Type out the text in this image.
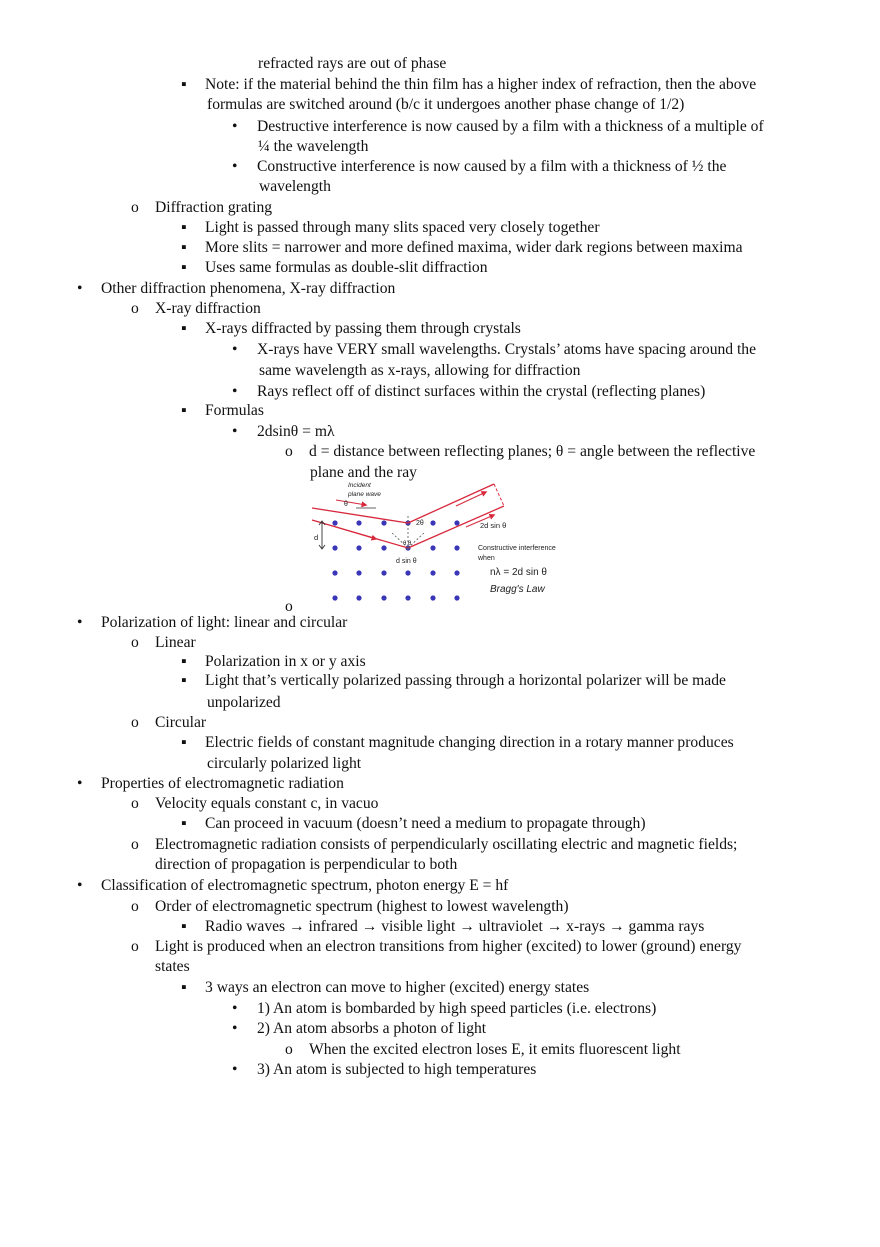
refracted rays are out of phase
▪ Note: if the material behind the thin film has a higher index of refraction, then the above
formulas are switched around (b/c it undergoes another phase change of 1/2)
• Destructive interference is now caused by a film with a thickness of a multiple of
¼ the wavelength
• Constructive interference is now caused by a film with a thickness of ½ the
wavelength
o Diffraction grating
▪ Light is passed through many slits spaced very closely together
▪ More slits = narrower and more defined maxima, wider dark regions between maxima
▪ Uses same formulas as double-slit diffraction
• Other diffraction phenomena, X-ray diffraction
o X-ray diffraction
▪ X-rays diffracted by passing them through crystals
• X-rays have VERY small wavelengths. Crystals’ atoms have spacing around the
same wavelength as x-rays, allowing for diffraction
• Rays reflect off of distinct surfaces within the crystal (reflecting planes)
▪ Formulas
• 2dsinθ = mλ
o d = distance between reflecting planes; θ = angle between the reflective
plane and the ray
Incident
plane wave
θ
2θ
θ θ
d
d sin θ
2d sin θ
Constructive interference
when
nλ = 2d sin θ
Bragg's Law
o
• Polarization of light: linear and circular
o Linear
▪ Polarization in x or y axis
▪ Light that’s vertically polarized passing through a horizontal polarizer will be made
unpolarized
o Circular
▪ Electric fields of constant magnitude changing direction in a rotary manner produces
circularly polarized light
• Properties of electromagnetic radiation
o Velocity equals constant c, in vacuo
▪ Can proceed in vacuum (doesn’t need a medium to propagate through)
o Electromagnetic radiation consists of perpendicularly oscillating electric and magnetic fields;
direction of propagation is perpendicular to both
• Classification of electromagnetic spectrum, photon energy E = hf
o Order of electromagnetic spectrum (highest to lowest wavelength)
▪ Radio waves → infrared → visible light → ultraviolet → x-rays → gamma rays
o Light is produced when an electron transitions from higher (excited) to lower (ground) energy
states
▪ 3 ways an electron can move to higher (excited) energy states
• 1) An atom is bombarded by high speed particles (i.e. electrons)
• 2) An atom absorbs a photon of light
o When the excited electron loses E, it emits fluorescent light
• 3) An atom is subjected to high temperatures
